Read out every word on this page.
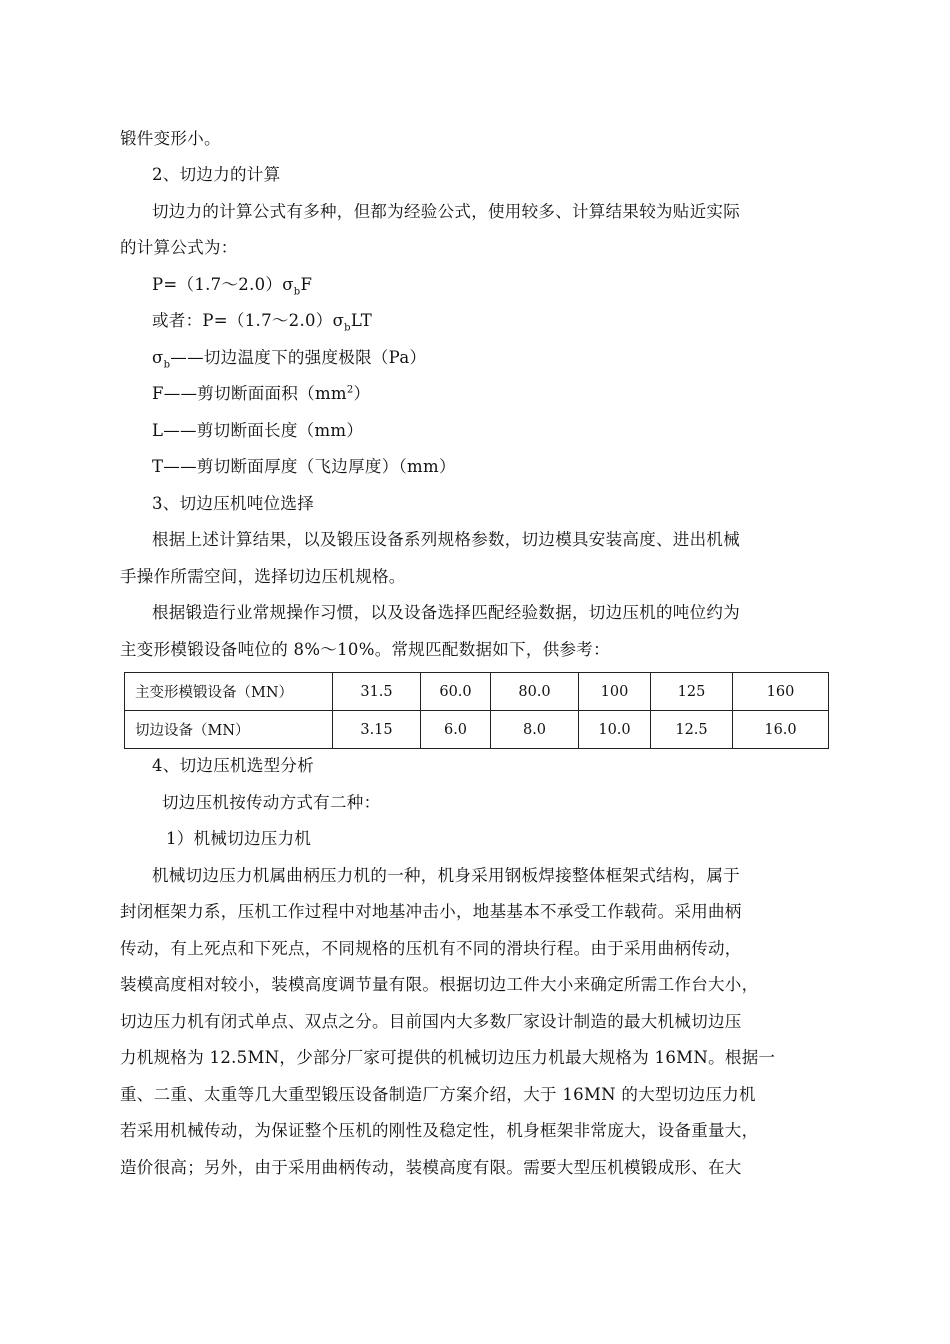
锻件变形小。
2、切边力的计算
切边力的计算公式有多种，但都为经验公式，使用较多、计算结果较为贴近实际
的计算公式为：
$P=(1.7\sim 2.0)\sigma_bF$
或者：$P=(1.7\sim 2.0)\sigma_bLT$
$\sigma_b——$切边温度下的强度极限（Pa）
F——剪切断面面积$(mm^2)$
L——剪切断面长度（mm）
T——剪切断面厚度（飞边厚度）（mm）
3、切边压机吨位选择
根据上述计算结果，以及锻压设备系列规格参数，切边模具安装高度、进出机械
手操作所需空间，选择切边压机规格。
根据锻造行业常规操作习惯，以及设备选择匹配经验数据，切边压机的吨位约为
主变形模锻设备吨位的 8%～10%。常规匹配数据如下，供参考：
主变形模锻设备（MN）	31.5	60.0	80.0	100	125	160
切边设备（MN）	3.15	6.0	8.0	10.0	12.5	16.0
4、切边压机选型分析
切边压机按传动方式有二种：
1）机械切边压力机
机械切边压力机属曲柄压力机的一种，机身采用钢板焊接整体框架式结构，属于
封闭框架力系，压机工作过程中对地基冲击小，地基基本不承受工作载荷。采用曲柄
传动，有上死点和下死点，不同规格的压机有不同的滑块行程。由于采用曲柄传动，
装模高度相对较小，装模高度调节量有限。根据切边工件大小来确定所需工作台大小，
切边压力机有闭式单点、双点之分。目前国内大多数厂家设计制造的最大机械切边压
力机规格为 12.5MN，少部分厂家可提供的机械切边压力机最大规格为 16MN。根据一
重、二重、太重等几大重型锻压设备制造厂方案介绍，大于 16MN 的大型切边压力机
若采用机械传动，为保证整个压机的刚性及稳定性，机身框架非常庞大，设备重量大，
造价很高；另外，由于采用曲柄传动，装模高度有限。需要大型压机模锻成形、在大
